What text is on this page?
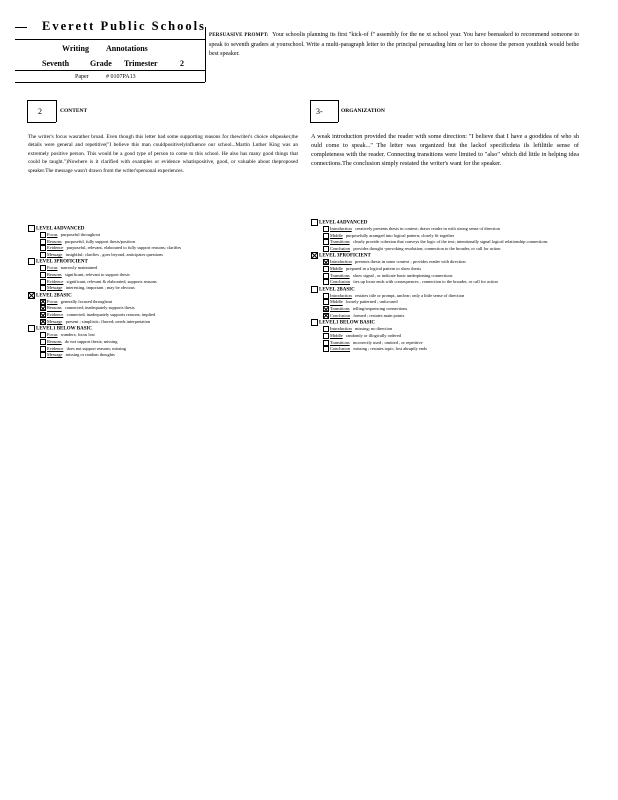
Everett Public Schools
Writing Annotations
Seventh	Grade Trimester	2
Paper	# 0107PA13
PERSUASIVE PROMPT: Your schoolis planning its first "kick-of f" assembly for the ne xt school year. You have beenasked to recommend someone to speak to seventh graders at yourschool. Write a multi-paragraph letter to the principal persuading him or her to choose the person youthink would bethe best speaker.
2	CONTENT
The writer's focus wasrather broad. Even though this letter had some supporting reasons for thewriter's choice ofspeaker,the details were general and repetitive("I believe this man couldpositivelyinfluence our school...Martin Luther King was an extremely positive person. This would be a good type of person to come to this school. He also has many good things that could be taught.")Nowhere is it clarified with examples or evidence whatispositive, good, or valuable about theproposed speaker.The message wasn't drawn from the writer'spersonal experiences.
LEVEL 4ADVANCED
Focus purposeful throughout
Reasons purposeful, fully support thesis/position
Evidence purposeful, relevant, elaborated to fully support reasons; clarifies
Message insightful; clarifies , goes beyond, anticipates questions
LEVEL 3PROFICIENT
Focus narrowly maintained
Reasons significant, relevant to support thesis
Evidence significant, relevant & elaborated, supports reasons
Message interesting, important ; may be obvious
LEVEL 2BASIC
Focus generally focused throughout
Reasons connected; inadequately supports thesis
Evidence connected; inadequately supports reasons; implied
Message present ; simplistic; flawed; needs interpretation
LEVEL1 BELOW BASIC
Focus wanders; focus lost
Reasons do not support thesis; missing
Evidence does not support reasons; missing
Message missing or random thoughts
3-	ORGANIZATION
A weak introduction provided the reader with some direction: "I believe that I have a goodidea of who sh ould come to speak..." The letter was organized but the lackof specificdeta ils leftlittle sense of completeness with the reader. Connecting transitions were limited to "also" which did little in helping idea connections.The conclusion simply restated the writer's want for the speaker.
LEVEL 4ADVANCED
Introduction creatively presents thesis in context; draws reader in with strong sense of direction
Middle purposefully arranged into logical pattern; closely fit together
Transitions clearly provide cohesion that conveys the logic of the text; intentionally signal logical relationship connections
Conclusion provides thought -provoking resolution; connection to the broader, or call for action
LEVEL 3PROFICIENT
Introduction presents thesis in some context ; provides reader with direction
Middle prepared in a logical pattern to show thesis
Transitions show signal , or indicate basic underpinning connections
Conclusion ties up loose ends with consequences , connection to the broader, or call for action
LEVEL 2BASIC
Introduction restates title or prompt, unclear; only a little sense of direction
Middle loosely patterned ; unfocused
Transitions telling/sequencing connections
Conclusion formed ; restates main points
LEVEL1 BELOW BASIC
Introduction missing; no direction
Middle randomly or illogically ordered
Transitions incorrectly used ; omitted , or repetitive
Conclusion missing ; restates topic; lost abruptly ends
